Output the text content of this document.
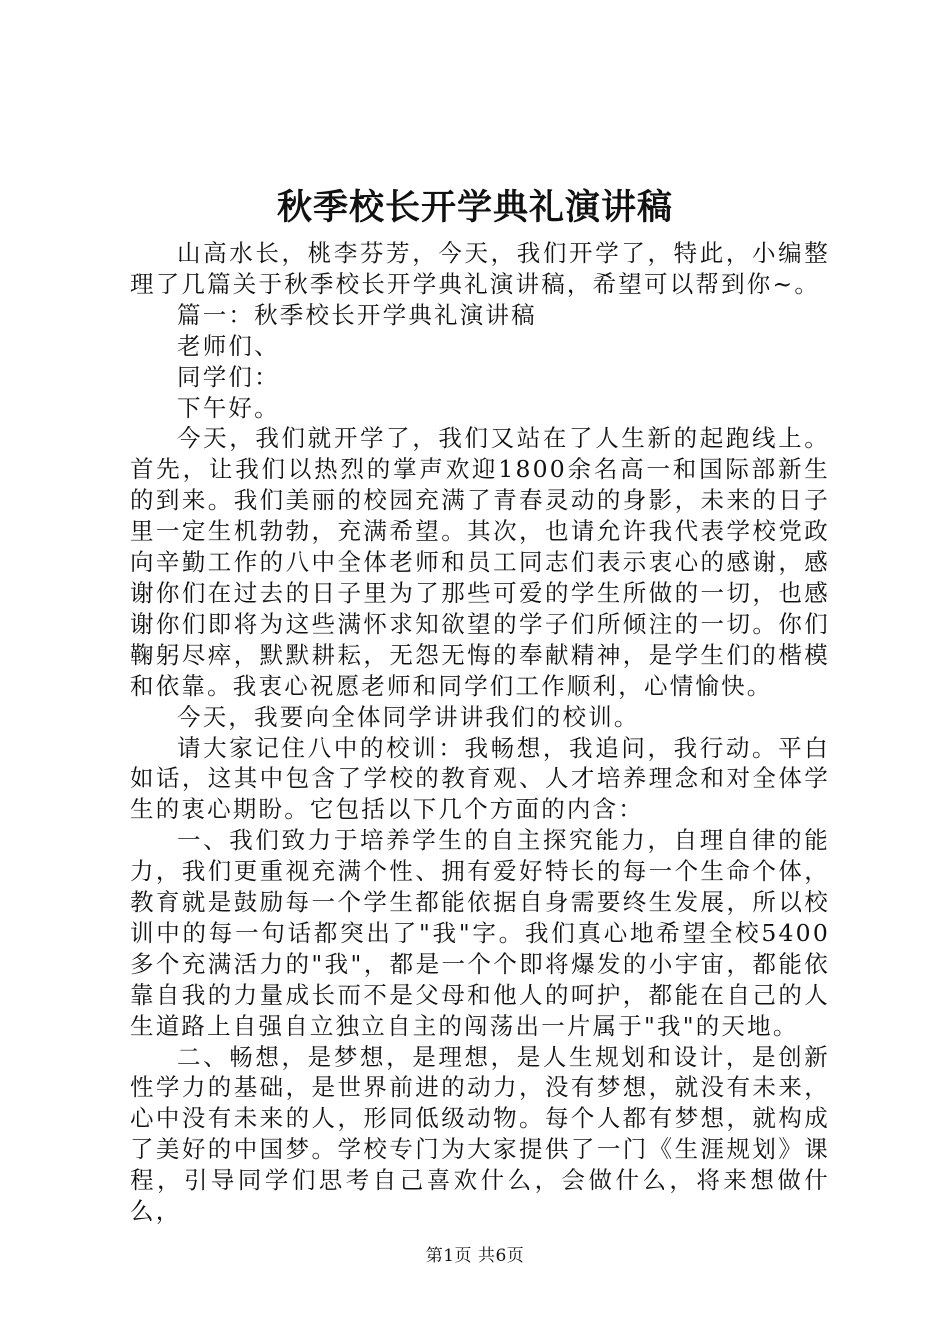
秋季校长开学典礼演讲稿

山高水长，桃李芬芳，今天，我们开学了，特此，小编整理了几篇关于秋季校长开学典礼演讲稿，希望可以帮到你~。

篇一：秋季校长开学典礼演讲稿

老师们、

同学们：

下午好。

今天，我们就开学了，我们又站在了人生新的起跑线上。首先，让我们以热烈的掌声欢迎1800余名高一和国际部新生的到来。我们美丽的校园充满了青春灵动的身影，未来的日子里一定生机勃勃，充满希望。其次，也请允许我代表学校党政向辛勤工作的八中全体老师和员工同志们表示衷心的感谢，感谢你们在过去的日子里为了那些可爱的学生所做的一切，也感谢你们即将为这些满怀求知欲望的学子们所倾注的一切。你们鞠躬尽瘁，默默耕耘，无怨无悔的奉献精神，是学生们的楷模和依靠。我衷心祝愿老师和同学们工作顺利，心情愉快。

今天，我要向全体同学讲讲我们的校训。

请大家记住八中的校训：我畅想，我追问，我行动。平白如话，这其中包含了学校的教育观、人才培养理念和对全体学生的衷心期盼。它包括以下几个方面的内含：

一、我们致力于培养学生的自主探究能力，自理自律的能力，我们更重视充满个性、拥有爱好特长的每一个生命个体，教育就是鼓励每一个学生都能依据自身需要终生发展，所以校训中的每一句话都突出了"我"字。我们真心地希望全校5400多个充满活力的"我"，都是一个个即将爆发的小宇宙，都能依靠自我的力量成长而不是父母和他人的呵护，都能在自己的人生道路上自强自立独立自主的闯荡出一片属于"我"的天地。

二、畅想，是梦想，是理想，是人生规划和设计，是创新性学力的基础，是世界前进的动力，没有梦想，就没有未来，心中没有未来的人，形同低级动物。每个人都有梦想，就构成了美好的中国梦。学校专门为大家提供了一门《生涯规划》课程，引导同学们思考自己喜欢什么，会做什么，将来想做什么，

第1页 共6页
